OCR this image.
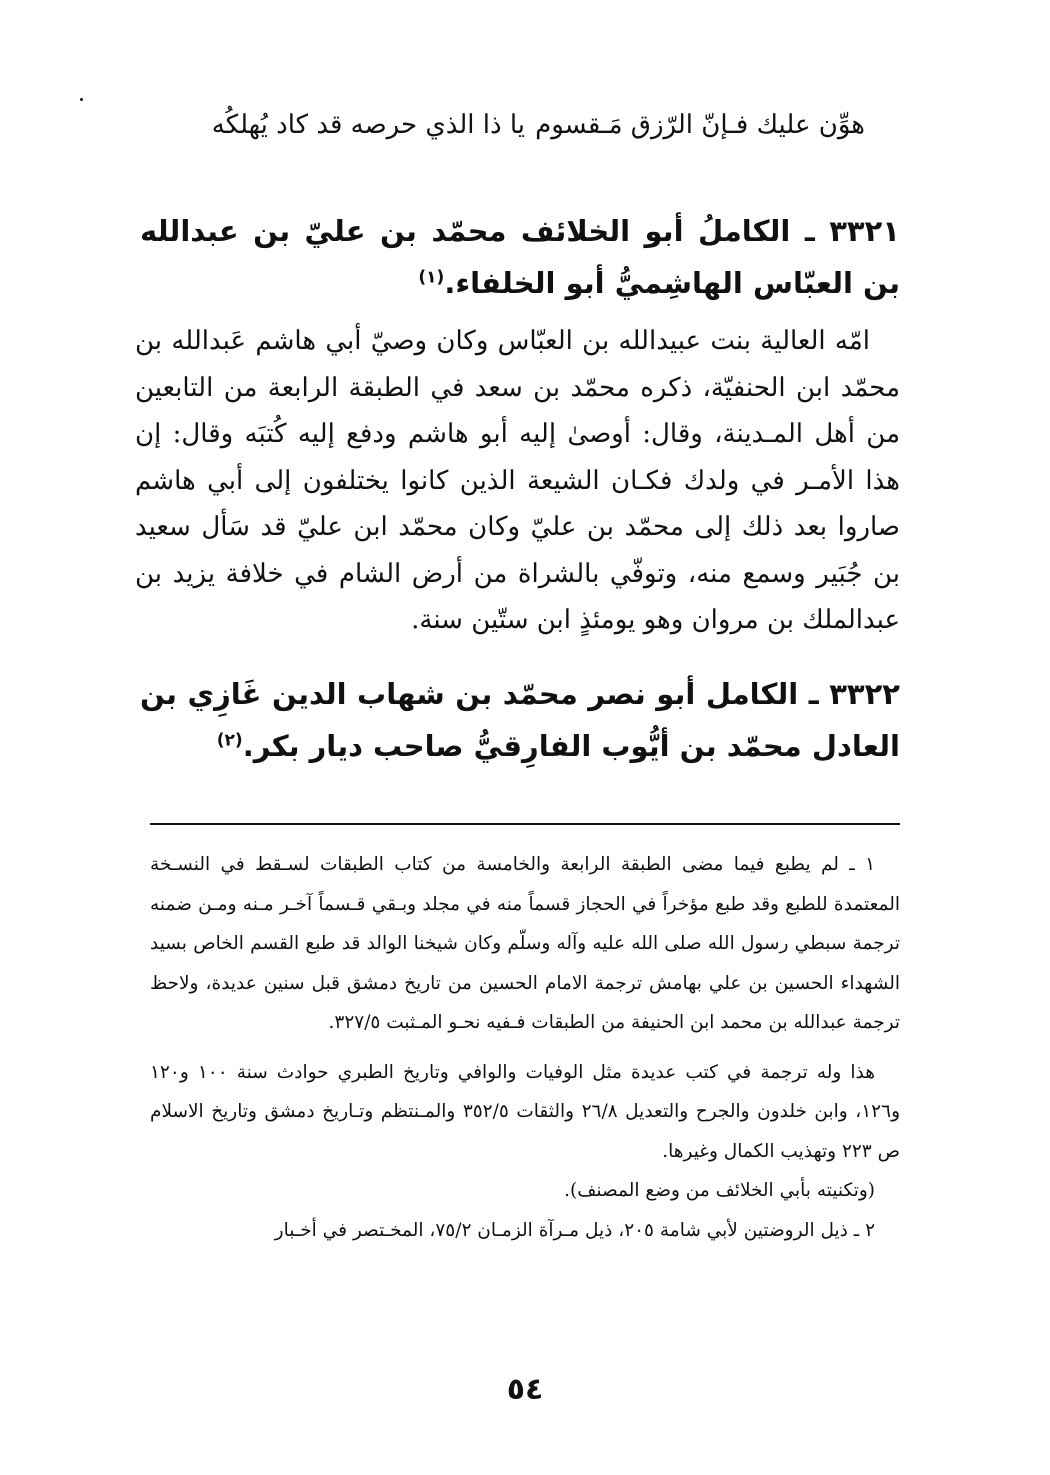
هوِّن عليك فـإنّ الرّزق مَـقسوم
يا ذا الذي حرصه قد كاد يُهلكُه
٣٣٢١ ـ الكاملُ أبو الخلائف محمّد بن عليّ بن عبدالله بن العبّاس الهاشِميُّ أبو الخلفاء.$^{(١)}$

امّه العالية بنت عبيدالله بن العبّاس وكان وصيّ أبي هاشم عَبدالله بن محمّد ابن الحنفيّة، ذكره محمّد بن سعد في الطبقة الرابعة من التابعين من أهل المـدينة، وقال: أوصىٰ إليه أبو هاشم ودفع إليه كُتبَه وقال: إن هذا الأمـر في ولدك فكـان الشيعة الذين كانوا يختلفون إلى أبي هاشم صاروا بعد ذلك إلى محمّد بن عليّ وكان محمّد ابن عليّ قد سَأل سعيد بن جُبَير وسمع منه، وتوفّي بالشراة من أرض الشام في خلافة يزيد بن عبدالملك بن مروان وهو يومئذٍ ابن ستّين سنة.

٣٣٢٢ ـ الكامل أبو نصر محمّد بن شهاب الدين غَازِي بن العادل محمّد بن أيُّوب الفارِقيُّ صاحب ديار بكر.$^{(٢)}$

١ ـ لم يطبع فيما مضى الطبقة الرابعة والخامسة من كتاب الطبقات لسـقط في النسـخة المعتمدة للطبع وقد طبع مؤخراً في الحجاز قسماً منه في مجلد وبـقي قـسماً آخـر مـنه ومـن ضمنه ترجمة سبطي رسول الله صلى الله عليه وآله وسلّم وكان شيخنا الوالد قد طبع القسم الخاص بسيد الشهداء الحسين بن علي بهامش ترجمة الامام الحسين من تاريخ دمشق قبل سنين عديدة، ولاحظ ترجمة عبدالله بن محمد ابن الحنيفة من الطبقات فـفيه نحـو المـثبت ٣٢٧/٥.

هذا وله ترجمة في كتب عديدة مثل الوفيات والوافي وتاريخ الطبري حوادث سنة ١٠٠ و١٢٠ و١٢٦، وابن خلدون والجرح والتعديل ٢٦/٨ والثقات ٣٥٢/٥ والمـنتظم وتـاريخ دمشق وتاريخ الاسلام ص ٢٢٣ وتهذيب الكمال وغيرها.

(وتكنيته بأبي الخلائف من وضع المصنف).

٢ ـ ذيل الروضتين لأبي شامة ٢٠٥، ذيل مـرآة الزمـان ٧٥/٢، المخـتصر في أخـبار

٥٤
